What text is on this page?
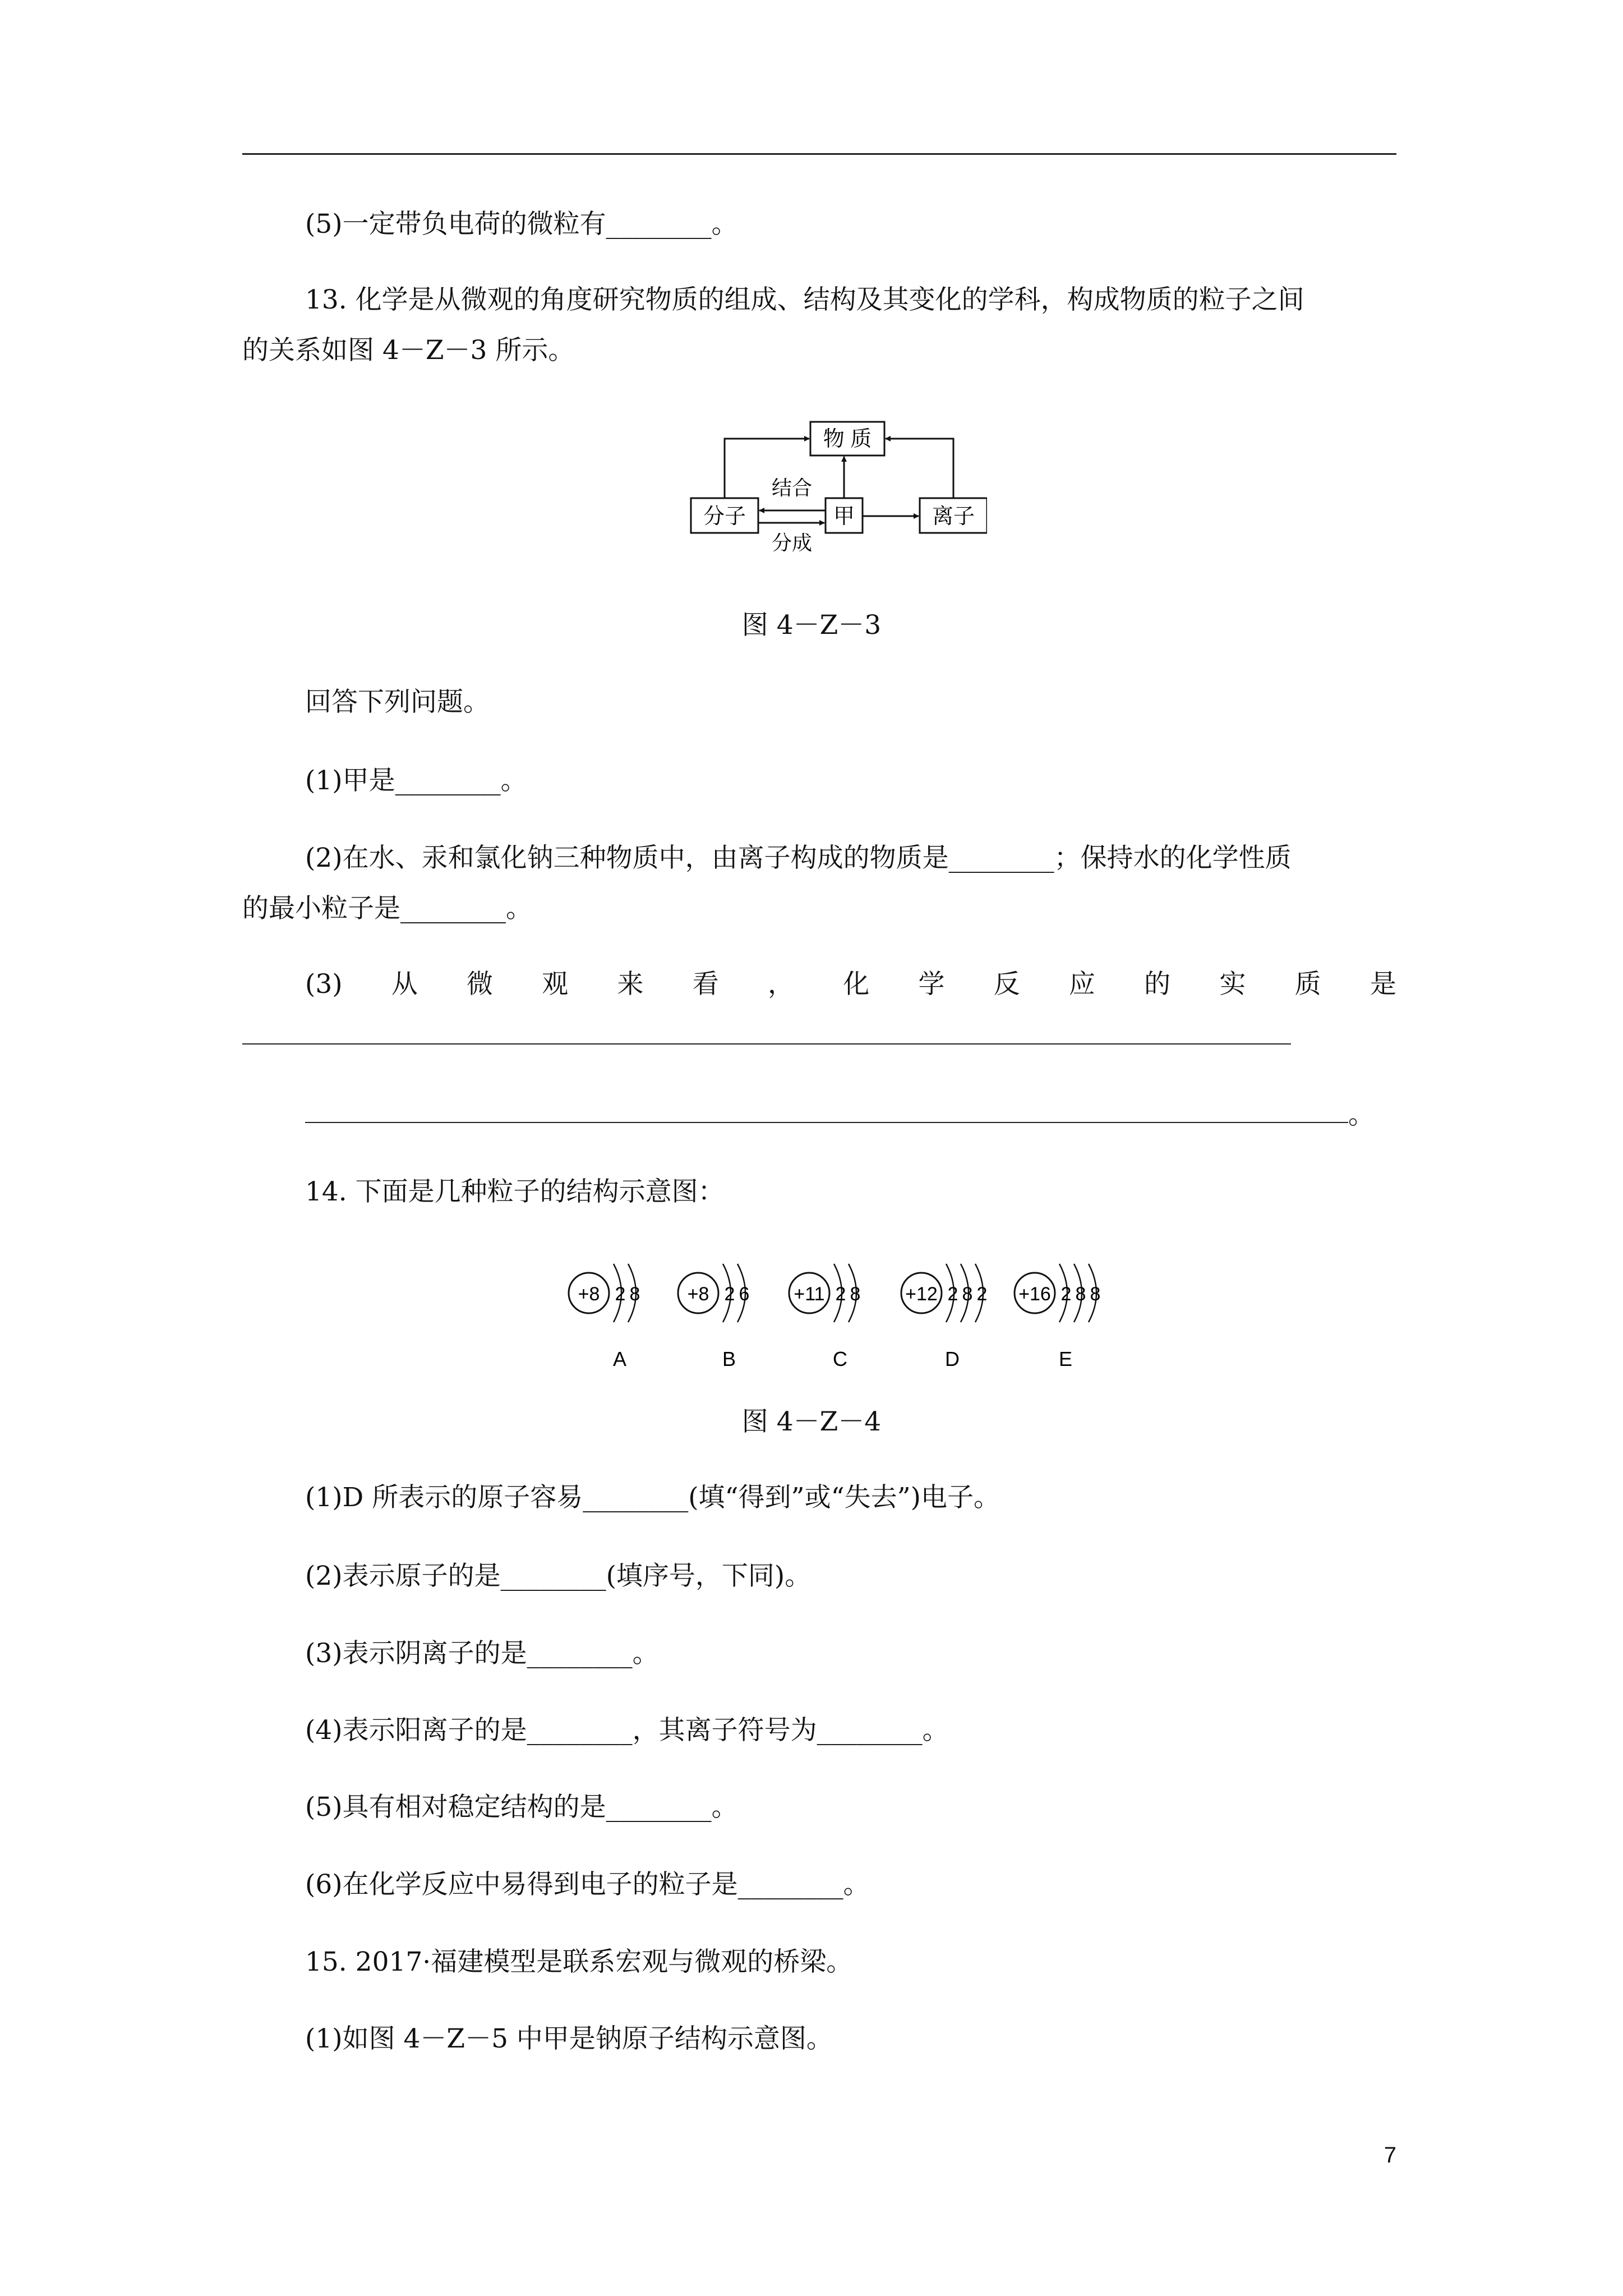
(5)一定带负电荷的微粒有________。
13. 化学是从微观的角度研究物质的组成、结构及其变化的学科，构成物质的粒子之间
的关系如图 4－Z－3 所示。
物 质
分子	甲	离子
结合
分成
图 4－Z－3
回答下列问题。
(1)甲是________。
(2)在水、汞和氯化钠三种物质中，由离子构成的物质是________；保持水的化学性质
的最小粒子是________。
(3) 从 微 观 来 看 ， 化 学 反 应 的 实 质 是
。
14. 下面是几种粒子的结构示意图：
+8 2 8
A
+8 2 6
B
+11 2 8
C
+12 2 8 2
D
+16 2 8 8
E
图 4－Z－4
(1)D 所表示的原子容易________(填“得到”或“失去”)电子。
(2)表示原子的是________(填序号，下同)。
(3)表示阴离子的是________。
(4)表示阳离子的是________，其离子符号为________。
(5)具有相对稳定结构的是________。
(6)在化学反应中易得到电子的粒子是________。
15. 2017·福建模型是联系宏观与微观的桥梁。
(1)如图 4－Z－5 中甲是钠原子结构示意图。
7
